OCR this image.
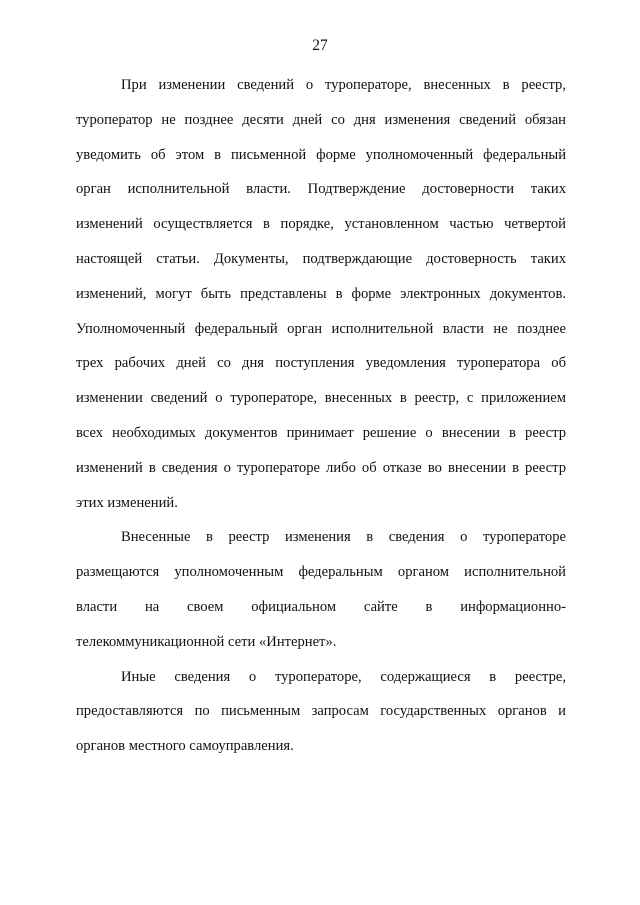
27
При изменении сведений о туроператоре, внесенных в реестр,
туроператор не позднее десяти дней со дня изменения сведений обязан
уведомить об этом в письменной форме уполномоченный федеральный
орган исполнительной власти. Подтверждение достоверности таких
изменений осуществляется в порядке, установленном частью четвертой
настоящей статьи. Документы, подтверждающие достоверность таких
изменений, могут быть представлены в форме электронных документов.
Уполномоченный федеральный орган исполнительной власти не позднее
трех рабочих дней со дня поступления уведомления туроператора об
изменении сведений о туроператоре, внесенных в реестр, с приложением
всех необходимых документов принимает решение о внесении в реестр
изменений в сведения о туроператоре либо об отказе во внесении в реестр
этих изменений.
Внесенные в реестр изменения в сведения о туроператоре
размещаются уполномоченным федеральным органом исполнительной
власти на своем официальном сайте в информационно-
телекоммуникационной сети «Интернет».
Иные сведения о туроператоре, содержащиеся в реестре,
предоставляются по письменным запросам государственных органов и
органов местного самоуправления.
